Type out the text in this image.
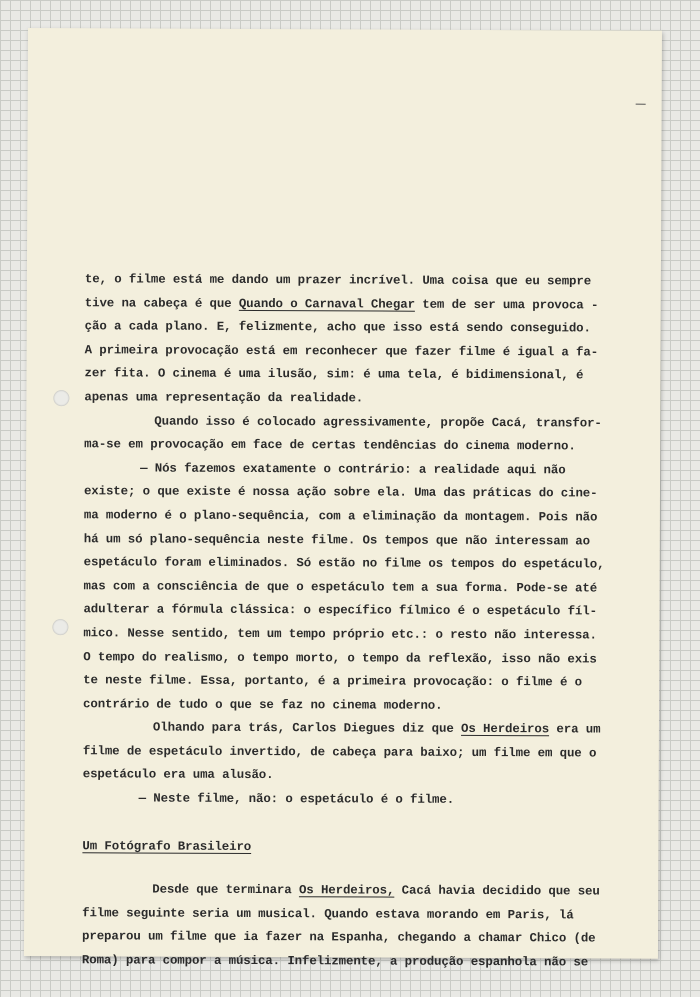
te, o filme está me dando um prazer incrível. Uma coisa que eu sempre
tive na cabeça é que Quando o Carnaval Chegar tem de ser uma provoca -
ção a cada plano. E, felizmente, acho que isso está sendo conseguido.
A primeira provocação está em reconhecer que fazer filme é igual a fa-
zer fita. O cinema é uma ilusão, sim: é uma tela, é bidimensional, é
apenas uma representação da realidade.
Quando isso é colocado agressivamente, propõe Cacá, transfor-
ma-se em provocação em face de certas tendências do cinema moderno.
— Nós fazemos exatamente o contrário: a realidade aqui não
existe; o que existe é nossa ação sobre ela. Uma das práticas do cine-
ma moderno é o plano-sequência, com a eliminação da montagem. Pois não
há um só plano-sequência neste filme. Os tempos que não interessam ao
espetáculo foram eliminados. Só estão no filme os tempos do espetáculo,
mas com a consciência de que o espetáculo tem a sua forma. Pode-se até
adulterar a fórmula clássica: o específico fílmico é o espetáculo fíl-
mico. Nesse sentido, tem um tempo próprio etc.: o resto não interessa.
O tempo do realismo, o tempo morto, o tempo da reflexão, isso não exis
te neste filme. Essa, portanto, é a primeira provocação: o filme é o
contrário de tudo o que se faz no cinema moderno.
Olhando para trás, Carlos Diegues diz que Os Herdeiros era um
filme de espetáculo invertido, de cabeça para baixo; um filme em que o
espetáculo era uma alusão.
— Neste filme, não: o espetáculo é o filme.
Um Fotógrafo Brasileiro
Desde que terminara Os Herdeiros, Cacá havia decidido que seu
filme seguinte seria um musical. Quando estava morando em Paris, lá
preparou um filme que ia fazer na Espanha, chegando a chamar Chico (de
Roma) para compor a música. Infelizmente, a produção espanhola não se
